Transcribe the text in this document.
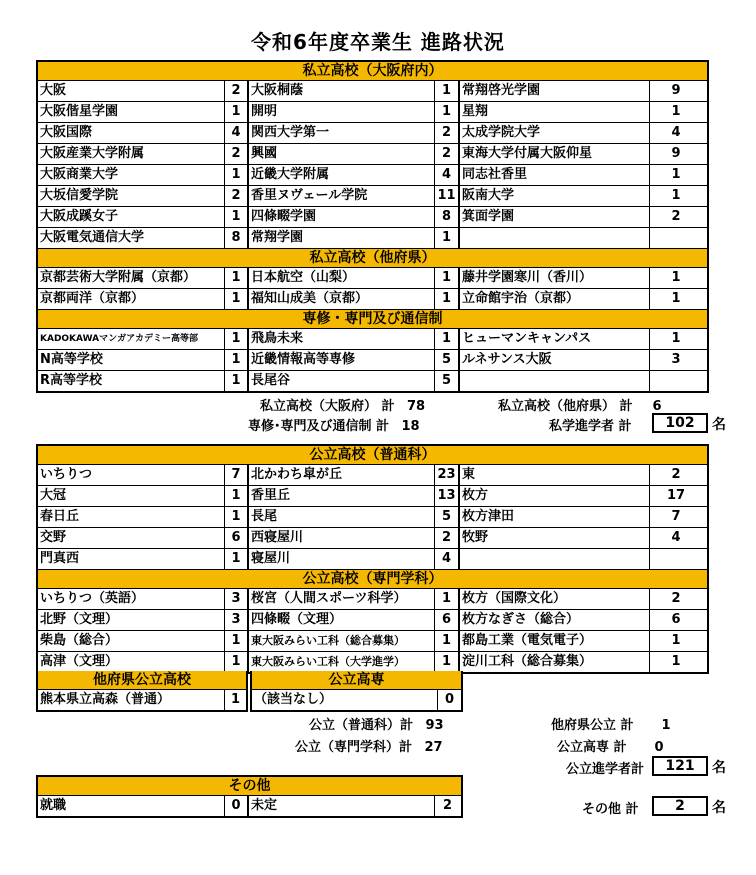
令和6年度卒業生 進路状況
私立高校（大阪府内）
大阪	2 大阪桐蔭	1 常翔啓光学園	9
大阪偕星学園	1 開明	1 星翔	1
大阪国際	4 関西大学第一	2 太成学院大学	4
大阪産業大学附属	2 興國	2 東海大学付属大阪仰星	9
大阪商業大学	1 近畿大学附属	4 同志社香里	1
大坂信愛学院	2 香里ヌヴェール学院	11 阪南大学	1
大阪成蹊女子	1 四條畷学園	8 箕面学園	2
大阪電気通信大学	8 常翔学園	1
私立高校（他府県）
京都芸術大学附属（京都）	1 日本航空（山梨）	1 藤井学園寒川（香川）	1
京都両洋（京都）	1 福知山成美（京都）	1 立命館宇治（京都）	1
専修・専門及び通信制
KADOKAWAマンガアカデミー高等部	1 飛鳥未来	1 ヒューマンキャンパス	1
N高等学校	1 近畿情報高等専修	5 ルネサンス大阪	3
R高等学校	1 長尾谷	5
私立高校（大阪府） 計 78	私立高校（他府県） 計 6
専修･専門及び通信制 計 18	私学進学者 計	102	名
公立高校（普通科）
いちりつ	7 北かわち皐が丘	23 東	2
大冠	1 香里丘	13 枚方	17
春日丘	1 長尾	5 枚方津田	7
交野	6 西寝屋川	2 牧野	4
門真西	1 寝屋川	4
公立高校（専門学科）
いちりつ（英語）	3 桜宮（人間スポーツ科学）	1 枚方（国際文化）	2
北野（文理）	3 四條畷（文理）	6 枚方なぎさ（総合）	6
柴島（総合）	1 東大阪みらい工科（総合募集）	1 都島工業（電気電子）	1
高津（文理）	1 東大阪みらい工科（大学進学）	1 淀川工科（総合募集）	1
他府県公立高校
熊本県立高森（普通）	1
公立高専
（該当なし）	0
公立（普通科）計 93
公立（専門学科）計 27
他府県公立 計 1
公立高専 計 0
公立進学者計	121	名
その他
就職	0 未定	2	その他 計	2	名
